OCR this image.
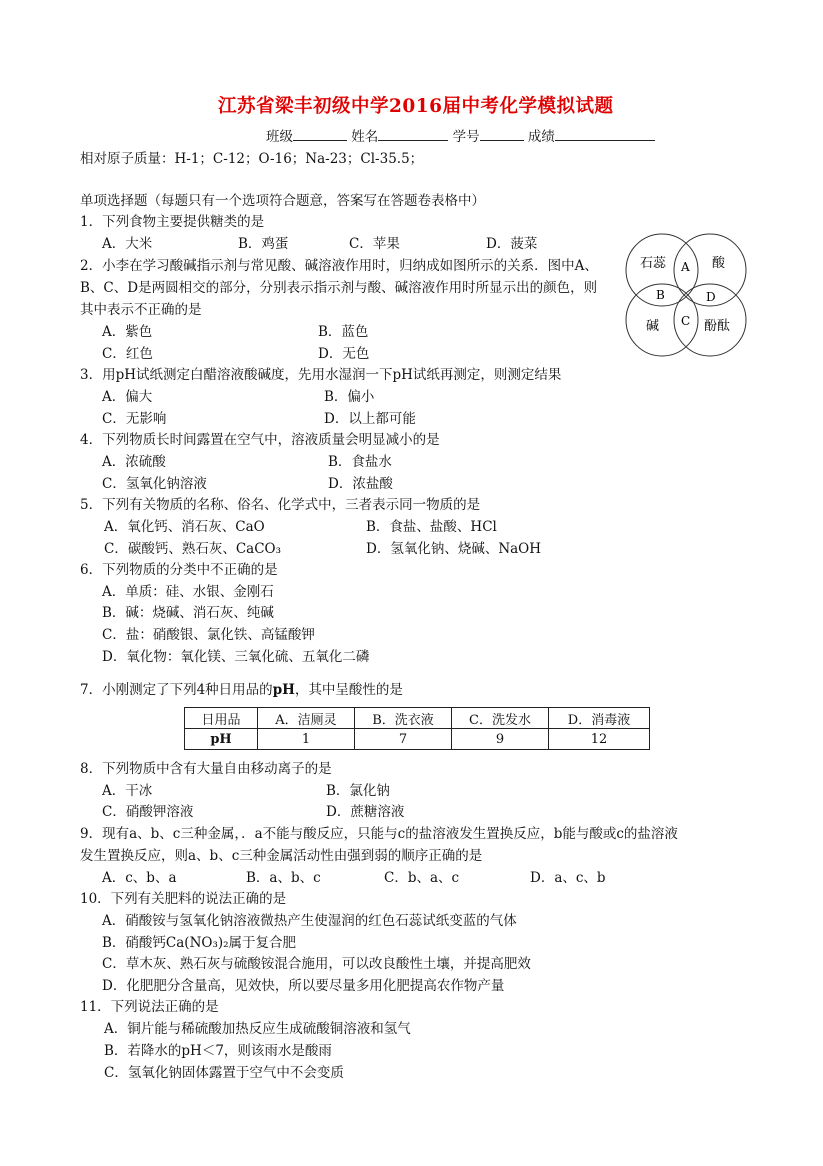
江苏省梁丰初级中学2016届中考化学模拟试题
班级	姓名	学号	成绩
相对原子质量：H-1；C-12；O-16；Na-23；Cl-35.5；
单项选择题（每题只有一个选项符合题意，答案写在答题卷表格中）
1．下列食物主要提供糖类的是
A．大米	B．鸡蛋	C．苹果	D．菠菜
2．小李在学习酸碱指示剂与常见酸、碱溶液作用时，归纳成如图所示的关系．图中A、
B、C、D是两圆相交的部分，分别表示指示剂与酸、碱溶液作用时所显示出的颜色，则
其中表示不正确的是
A．紫色	B．蓝色
C．红色	D．无色
石蕊	酸
碱	酚酞
A
B
C
D
3．用pH试纸测定白醋溶液酸碱度，先用水湿润一下pH试纸再测定，则测定结果
A．偏大	B．偏小
C．无影响	D．以上都可能
4．下列物质长时间露置在空气中，溶液质量会明显减小的是
A．浓硫酸	B．食盐水
C．氢氧化钠溶液	D．浓盐酸
5．下列有关物质的名称、俗名、化学式中，三者表示同一物质的是
A．氧化钙、消石灰、CaO	B．食盐、盐酸、HCl
C．碳酸钙、熟石灰、CaCO₃	D．氢氧化钠、烧碱、NaOH
6．下列物质的分类中不正确的是
A．单质：硅、水银、金刚石
B．碱：烧碱、消石灰、纯碱
C．盐：硝酸银、氯化铁、高锰酸钾
D．氧化物：氧化镁、三氧化硫、五氧化二磷
7．小刚测定了下列4种日用品的pH，其中呈酸性的是
日用品	A．洁厕灵	B．洗衣液	C．洗发水	D．消毒液
pH	1	7	9	12
8．下列物质中含有大量自由移动离子的是
A．干冰	B．氯化钠
C．硝酸钾溶液	D．蔗糖溶液
9．现有a、b、c三种金属，．a不能与酸反应，只能与c的盐溶液发生置换反应，b能与酸或c的盐溶液
发生置换反应，则a、b、c三种金属活动性由强到弱的顺序正确的是
A．c、b、a	B．a、b、c	C．b、a、c	D．a、c、b
10．下列有关肥料的说法正确的是
A．硝酸铵与氢氧化钠溶液微热产生使湿润的红色石蕊试纸变蓝的气体
B．硝酸钙Ca(NO₃)₂属于复合肥
C．草木灰、熟石灰与硫酸铵混合施用，可以改良酸性土壤，并提高肥效
D．化肥肥分含量高，见效快，所以要尽量多用化肥提高农作物产量
11．下列说法正确的是
A．铜片能与稀硫酸加热反应生成硫酸铜溶液和氢气
B．若降水的pH＜7，则该雨水是酸雨
C．氢氧化钠固体露置于空气中不会变质
